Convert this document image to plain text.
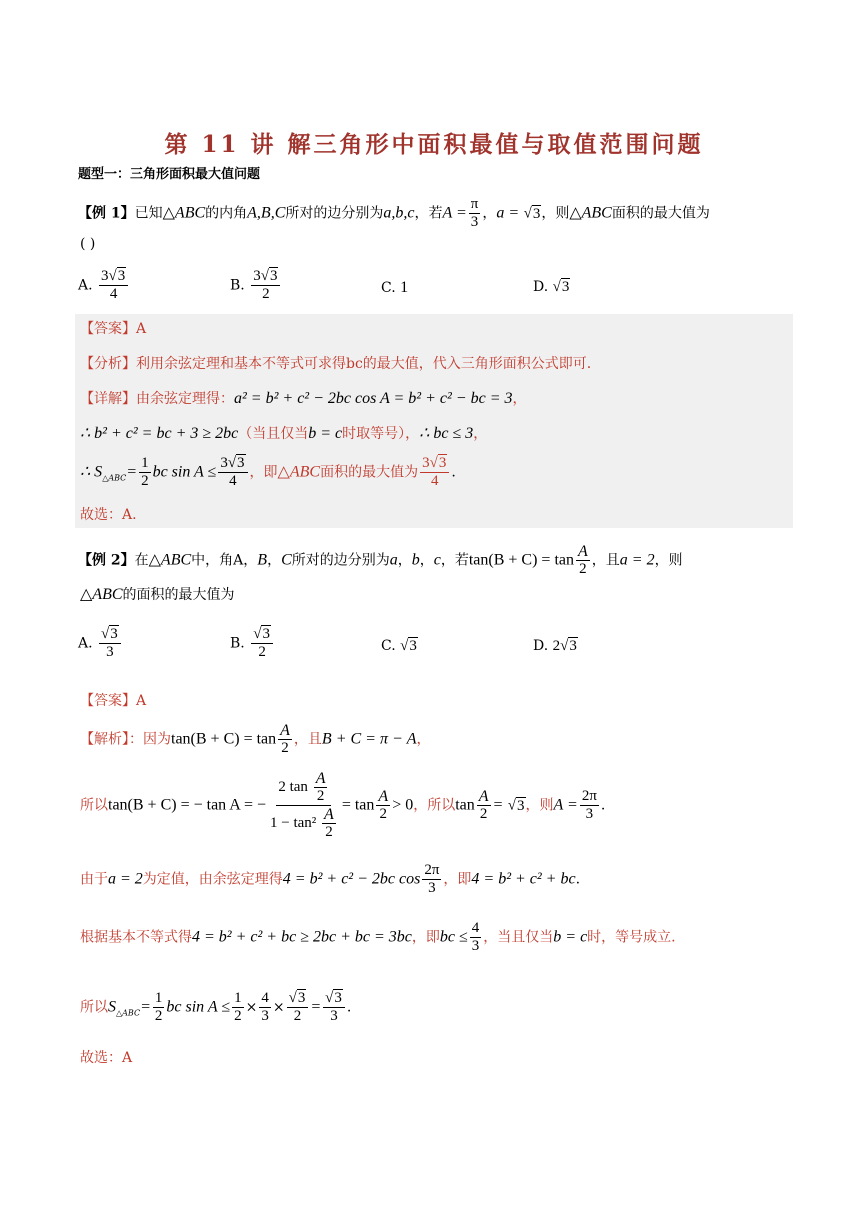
第 11 讲 解三角形中面积最值与取值范围问题
题型一：三角形面积最大值问题
【例 1】已知△ABC的内角A,B,C所对的边分别为a,b,c，若$A = \frac{\pi}{3}$ ，a = √3，则△ABC面积的最大值为
( )
A. $\frac{3√3}{4}$	B. $\frac{3√3}{2}$	C. 1	D. √3
【答案】A
【分析】利用余弦定理和基本不等式可求得bc的最大值，代入三角形面积公式即可.
【详解】由余弦定理得：a² = b² + c² − 2bc cos A = b² + c² − bc = 3，
∴ b² + c² = bc + 3 ≥ 2bc（当且仅当b = c时取等号），∴ bc ≤ 3，
∴ $S_{\triangle ABC}= \frac{1}{2}$ bc $\sin A \le \frac{3√3}{4}$ ，即△ABC面积的最大值为 $\frac{3√3}{4}$ .
故选：A.
【例 2】在△ABC中，角A，B，C所对的边分别为a，b，c，若$\tan(B + C) = \tan \frac{A}{2}$ ，且a = 2，则
△ABC的面积的最大值为
A. $\frac{√3}{3}$	B. $\frac{√3}{2}$	C. √3	D. 2√3
【答案】A
【解析】：因为$\tan(B + C) = \tan \frac{A}{2}$ ，且B + C = π − A，
所以tan(B + C) = − tan A = − $\frac{2 \tan \frac{A}{2}}{1 - \tan^2 \frac{A}{2}} = \tan \frac{A}{2} > 0$，所以$\tan \frac{A}{2} = √3$，则$A = \frac{2\pi}{3}$ .
由于a = 2为定值，由余弦定理得4 = b² + c² − 2bc $\cos \frac{2\pi}{3}$ ，即4 = b² + c² + bc.
根据基本不等式得4 = b² + c² + bc ≥ 2bc + bc = 3bc，即bc ≤ $\frac{4}{3}$ ，当且仅当b = c时，等号成立.
所以$S_{\triangle ABC}= \frac{1}{2}$ bc $\sin A \le \frac{1}{2} \times \frac{4}{3} \times \frac{√3}{2} = \frac{√3}{3}$ .
故选：A
